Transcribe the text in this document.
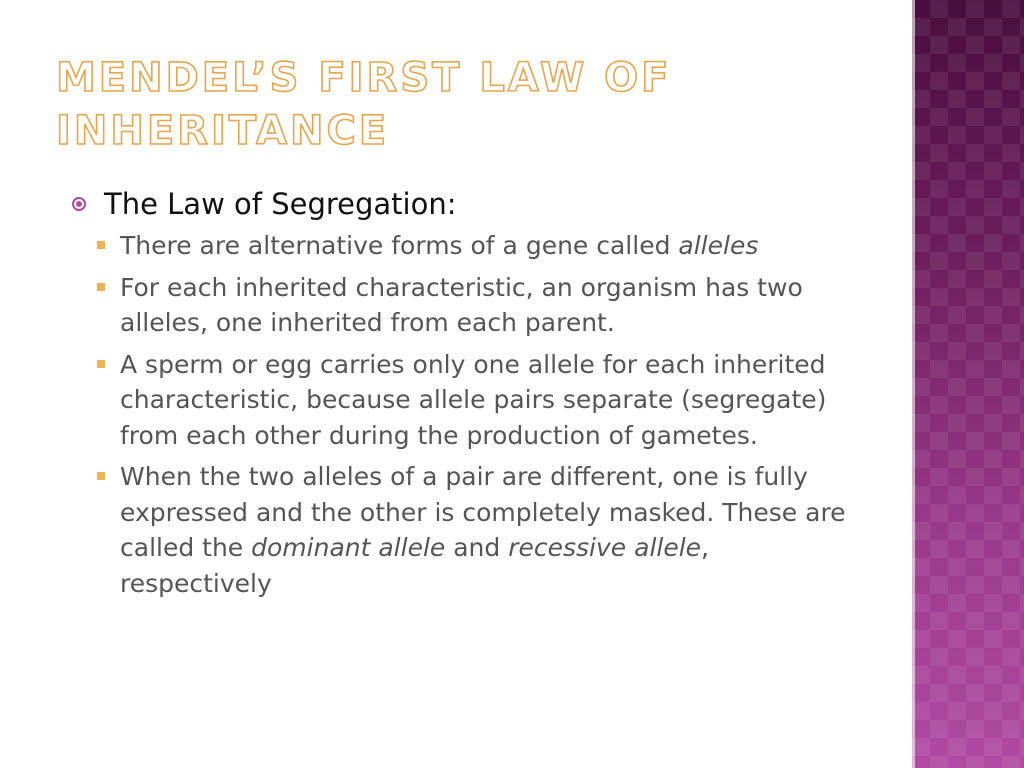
MENDEL’S FIRST LAW OF INHERITANCE

The Law of Segregation:

There are alternative forms of a gene called alleles
For each inherited characteristic, an organism has two alleles, one inherited from each parent.
A sperm or egg carries only one allele for each inherited characteristic, because allele pairs separate (segregate) from each other during the production of gametes.
When the two alleles of a pair are different, one is fully expressed and the other is completely masked. These are called the dominant allele and recessive allele, respectively
